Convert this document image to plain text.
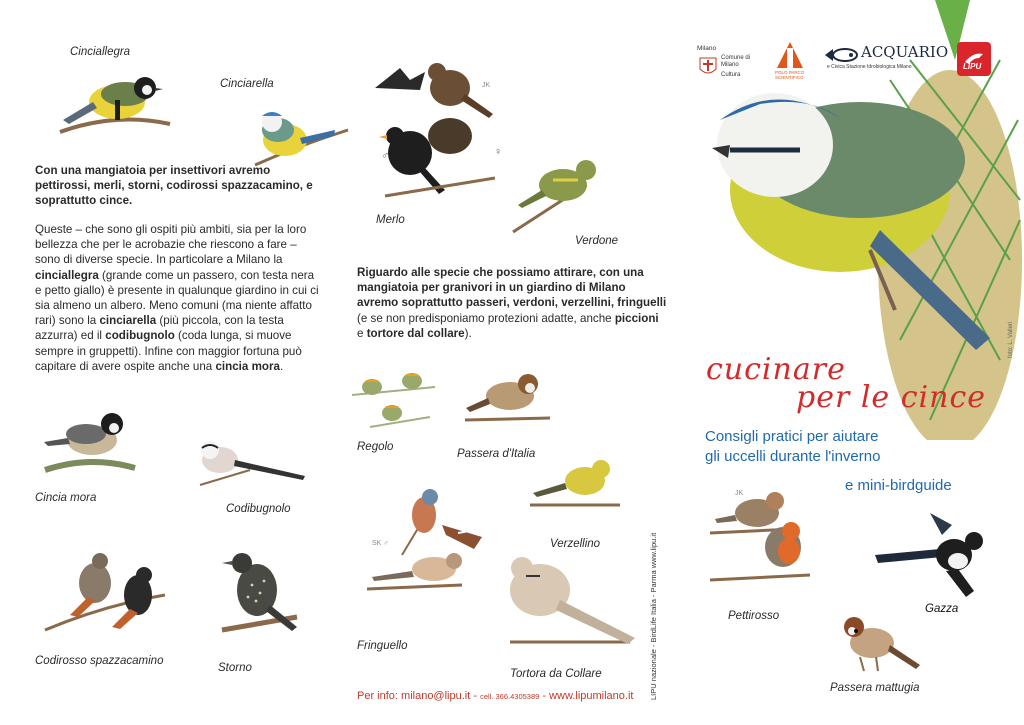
Cinciallegra
Cinciarella
Con una mangiatoia per insettivori avremo pettirossi, merli, storni, codirossi spazzacamino, e soprattutto cince.
Queste – che sono gli ospiti più ambiti, sia per la loro bellezza che per le acrobazie che riescono a fare – sono di diverse specie. In particolare a Milano la cinciallegra (grande come un passero, con testa nera e petto giallo) è presente in qualunque giardino in cui ci sia almeno un albero. Meno comuni (ma niente affatto rari) sono la cinciarella (più piccola, con la testa azzurra) ed il codibugnolo (coda lunga, si muove sempre in gruppetti). Infine con maggior fortuna può capitare di avere ospite anche una cincia mora.
Cincia mora
Codibugnolo
Codirosso spazzacamino
Storno
JK
♂	♀
Merlo
Verdone
Riguardo alle specie che possiamo attirare, con una mangiatoia per granivori in un giardino di Milano avremo soprattutto passeri, verdoni, verzellini, fringuelli (e se non predisponiamo protezioni adatte, anche piccioni e tortore dal collare).
Regolo
Passera d'Italia
Verzellino
SK ♂
Fringuello
Tortora da Collare
Per info: milano@lipu.it - cell. 366.4305389 - www.lipumilano.it LIPU nazionale - BirdLife Italia - Parma www.lipu.it
Milano
Comune di Milano
Cultura	POLO PARCO SCIENTIFICO
ACQUARIO
e Civica Stazione Idrobiologica Milano	LIPU
foto: L. Valleri
cucinare
per le cince
Consigli pratici per aiutare
gli uccelli durante l'inverno
e mini-birdguide
JK
Pettirosso
Gazza
Passera mattugia
